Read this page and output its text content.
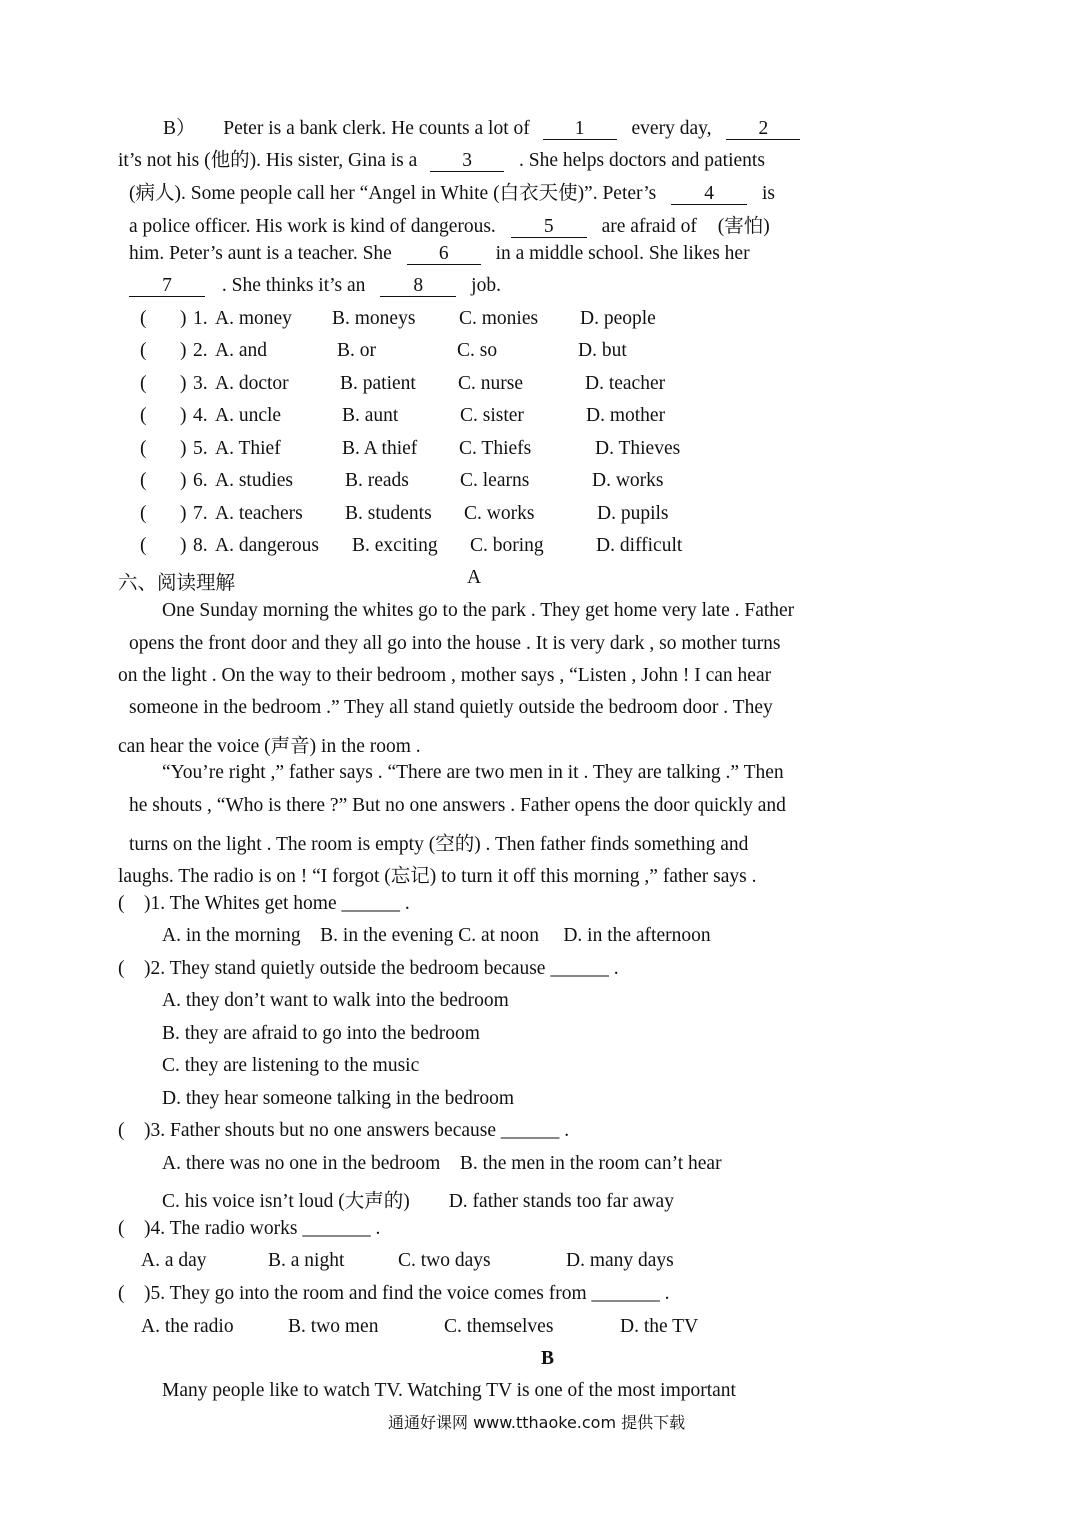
B） Peter is a bank clerk. He counts a lot of 1 every day, 2
it’s not his (他的). His sister, Gina is a 3 . She helps doctors and patients
(病人). Some people call her “Angel in White (白衣天使)”. Peter’s 4 is
a police officer. His work is kind of dangerous. 5 are afraid of (害怕)
him. Peter’s aunt is a teacher. She 6 in a middle school. She likes her
7	. She thinks it’s an 8 job.
( ) 1. A. money B. moneys C. monies D. people
( ) 2. A. and	B. or	C. so	D. but
( ) 3. A. doctor	B. patient C. nurse	D. teacher
( ) 4. A. uncle	B. aunt	C. sister	D. mother
( ) 5. A. Thief	B. A thief C. Thiefs	D. Thieves
( ) 6. A. studies	B. reads	C. learns	D. works
( ) 7. A. teachers B. students C. works	D. pupils
( ) 8. A. dangerous B. exciting C. boring	D. difficult
六、阅读理解	A
One Sunday morning the whites go to the park . They get home very late . Father
opens the front door and they all go into the house . It is very dark , so mother turns
on the light . On the way to their bedroom , mother says , “Listen , John ! I can hear
someone in the bedroom .” They all stand quietly outside the bedroom door . They
can hear the voice (声音) in the room .
“You’re right ,” father says . “There are two men in it . They are talking .” Then
he shouts , “Who is there ?” But no one answers . Father opens the door quickly and
turns on the light . The room is empty (空的) . Then father finds something and
laughs. The radio is on ! “I forgot (忘记) to turn it off this morning ,” father says .
(    )1. The Whites get home ______ .
A. in the morning    B. in the evening C. at noon     D. in the afternoon
(    )2. They stand quietly outside the bedroom because ______ .
A. they don’t want to walk into the bedroom
B. they are afraid to go into the bedroom
C. they are listening to the music
D. they hear someone talking in the bedroom
(    )3. Father shouts but no one answers because ______ .
A. there was no one in the bedroom    B. the men in the room can’t hear
C. his voice isn’t loud (大声的)        D. father stands too far away
(    )4. The radio works _______ .
A. a day	B. a night	C. two days	D. many days
(    )5. They go into the room and find the voice comes from _______ .
A. the radio	B. two men	C. themselves	D. the TV
B
Many people like to watch TV. Watching TV is one of the most important
通通好课网 www.tthaoke.com 提供下载
